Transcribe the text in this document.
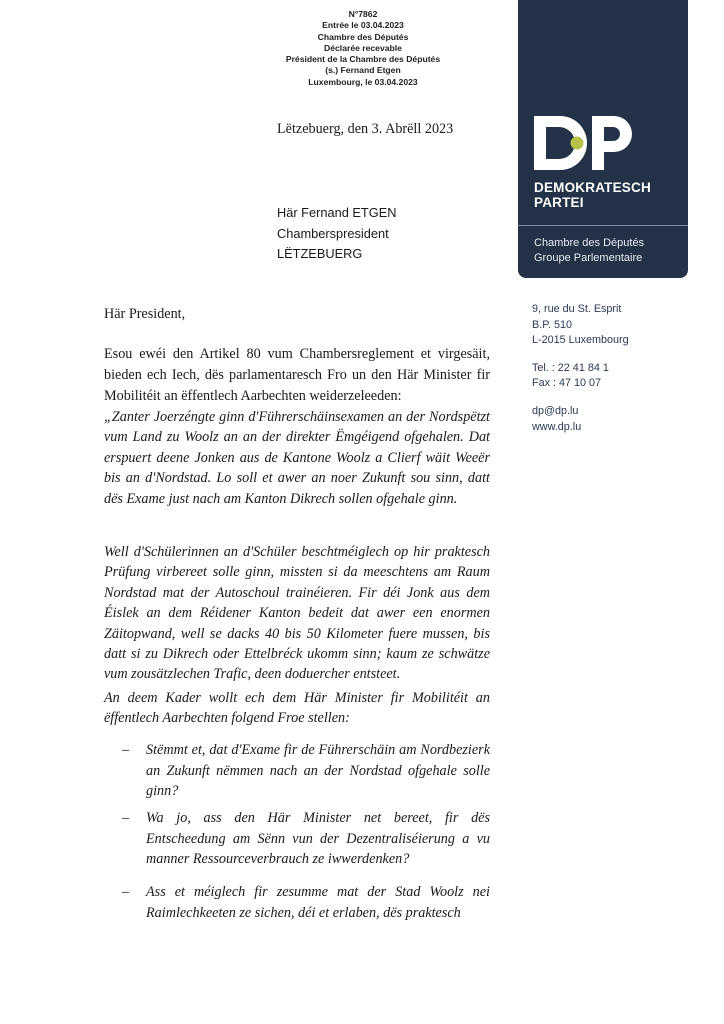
N°7862
Entrée le 03.04.2023
Chambre des Députés
Déclarée recevable
Président de la Chambre des Députés
(s.) Fernand Etgen
Luxembourg, le 03.04.2023
DEMOKRATESCH
PARTEI
Chambre des Députés
Groupe Parlementaire
9, rue du St. Esprit
B.P. 510
L-2015 Luxembourg
Tel. : 22 41 84 1
Fax : 47 10 07
dp@dp.lu
www.dp.lu
Lëtzebuerg, den 3. Abrëll 2023
Här Fernand ETGEN
Chamberspresident
LËTZEBUERG
Här President,
Esou ewéi den Artikel 80 vum Chambersreglement et virgesäit, bieden ech Iech, dës parlamentaresch Fro un den Här Minister fir Mobilitéit an ëffentlech Aarbechten weiderzeleeden:
„Zanter Joerzéngte ginn d'Führerschäinsexamen an der Nordspëtzt vum Land zu Woolz an an der direkter Ëmgéigend ofgehalen. Dat erspuert deene Jonken aus de Kantone Woolz a Clierf wäit Weeër bis an d'Nordstad. Lo soll et awer an noer Zukunft sou sinn, datt dës Exame just nach am Kanton Dikrech sollen ofgehale ginn.
Well d'Schülerinnen an d'Schüler beschtméiglech op hir praktesch Prüfung virbereet solle ginn, missten si da meeschtens am Raum Nordstad mat der Autoschoul trainéieren. Fir déi Jonk aus dem Éislek an dem Réidener Kanton bedeit dat awer een enormen Zäitopwand, well se dacks 40 bis 50 Kilometer fuere mussen, bis datt si zu Dikrech oder Ettelbréck ukomm sinn; kaum ze schwätze vum zousätzlechen Trafic, deen doduercher entsteet.
An deem Kader wollt ech dem Här Minister fir Mobilitéit an ëffentlech Aarbechten folgend Froe stellen:
– Stëmmt et, dat d'Exame fir de Führerschäin am Nordbezierk an Zukunft nëmmen nach an der Nordstad ofgehale solle ginn?
– Wa jo, ass den Här Minister net bereet, fir dës Entscheedung am Sënn vun der Dezentraliséierung a vu manner Ressourceverbrauch ze iwwerdenken?
– Ass et méiglech fir zesumme mat der Stad Woolz nei Raimlechkeeten ze sichen, déi et erlaben, dës praktesch
